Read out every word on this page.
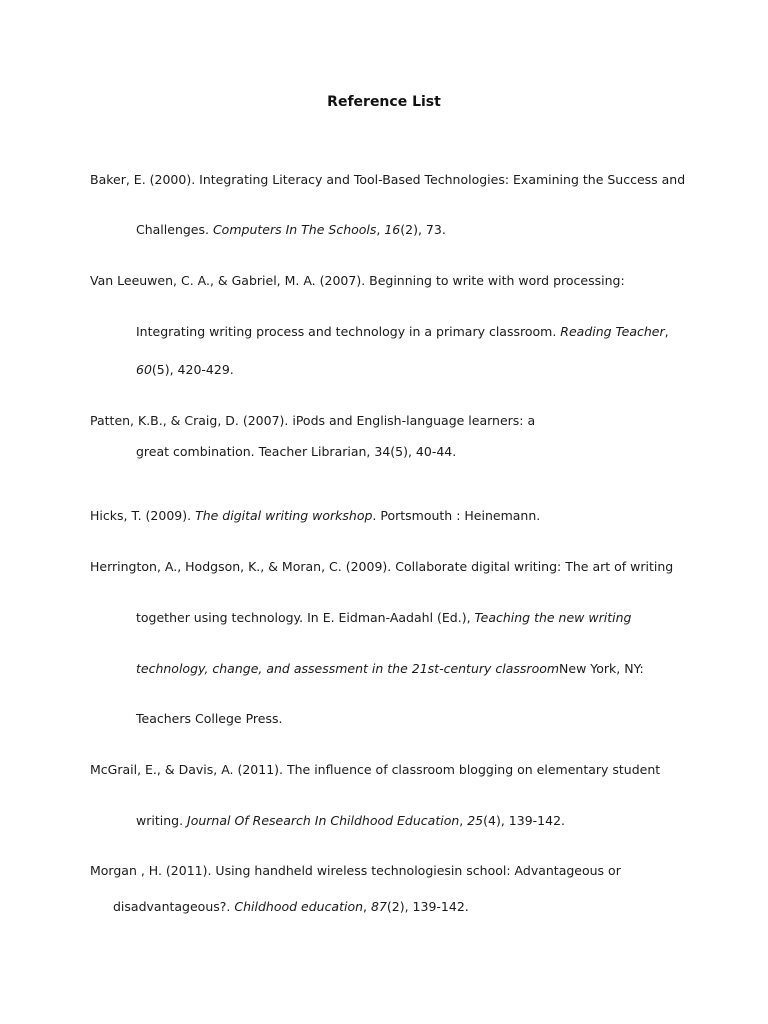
Reference List
Baker, E. (2000). Integrating Literacy and Tool-Based Technologies: Examining the Success and
Challenges. Computers In The Schools, 16(2), 73.
Van Leeuwen, C. A., & Gabriel, M. A. (2007). Beginning to write with word processing:
Integrating writing process and technology in a primary classroom. Reading Teacher,
60(5), 420-429.
Patten, K.B., & Craig, D. (2007). iPods and English-language learners: a
great combination. Teacher Librarian, 34(5), 40-44.
Hicks, T. (2009). The digital writing workshop. Portsmouth : Heinemann.
Herrington, A., Hodgson, K., & Moran, C. (2009). Collaborate digital writing: The art of writing
together using technology. In E. Eidman-Aadahl (Ed.), Teaching the new writing
technology, change, and assessment in the 21st-century classroomNew York, NY:
Teachers College Press.
McGrail, E., & Davis, A. (2011). The influence of classroom blogging on elementary student
writing. Journal Of Research In Childhood Education, 25(4), 139-142.
Morgan , H. (2011). Using handheld wireless technologiesin school: Advantageous or
disadvantageous?. Childhood education, 87(2), 139-142.
